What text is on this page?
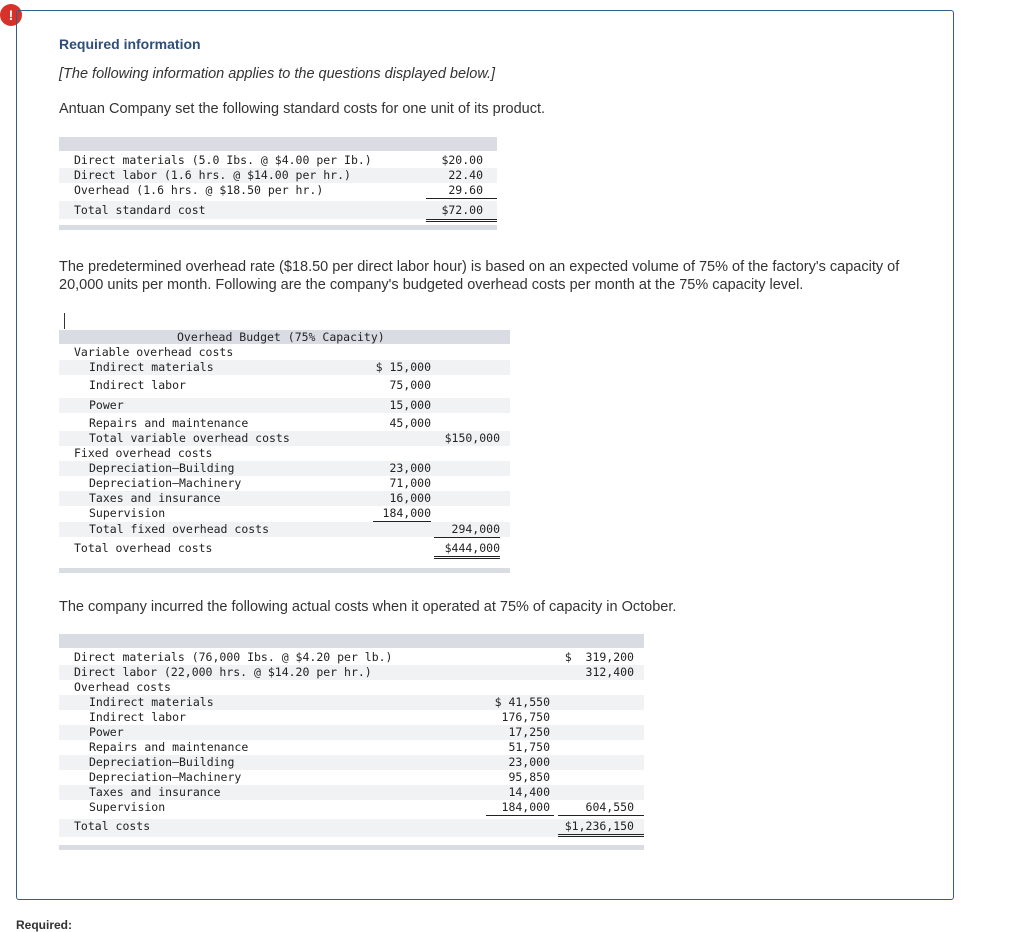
!
Required information
[The following information applies to the questions displayed below.]
Antuan Company set the following standard costs for one unit of its product.
Direct materials (5.0 Ibs. @ $4.00 per Ib.)	$20.00
Direct labor (1.6 hrs. @ $14.00 per hr.)	22.40
Overhead (1.6 hrs. @ $18.50 per hr.)	29.60
Total standard cost	$72.00
The predetermined overhead rate ($18.50 per direct labor hour) is based on an expected volume of 75% of the factory's capacity of 20,000 units per month. Following are the company's budgeted overhead costs per month at the 75% capacity level.
Overhead Budget (75% Capacity)
Variable overhead costs
Indirect materials	$ 15,000
Indirect labor	75,000
Power	15,000
Repairs and maintenance	45,000
Total variable overhead costs	$150,000
Fixed overhead costs
Depreciation—Building	23,000
Depreciation—Machinery	71,000
Taxes and insurance	16,000
Supervision	184,000
Total fixed overhead costs	294,000
Total overhead costs	$444,000
The company incurred the following actual costs when it operated at 75% of capacity in October.
Direct materials (76,000 Ibs. @ $4.20 per lb.)	$  319,200
Direct labor (22,000 hrs. @ $14.20 per hr.)	312,400
Overhead costs
Indirect materials	$ 41,550
Indirect labor	176,750
Power	17,250
Repairs and maintenance	51,750
Depreciation—Building	23,000
Depreciation—Machinery	95,850
Taxes and insurance	14,400
Supervision	184,000	604,550
Total costs	$1,236,150
Required:
